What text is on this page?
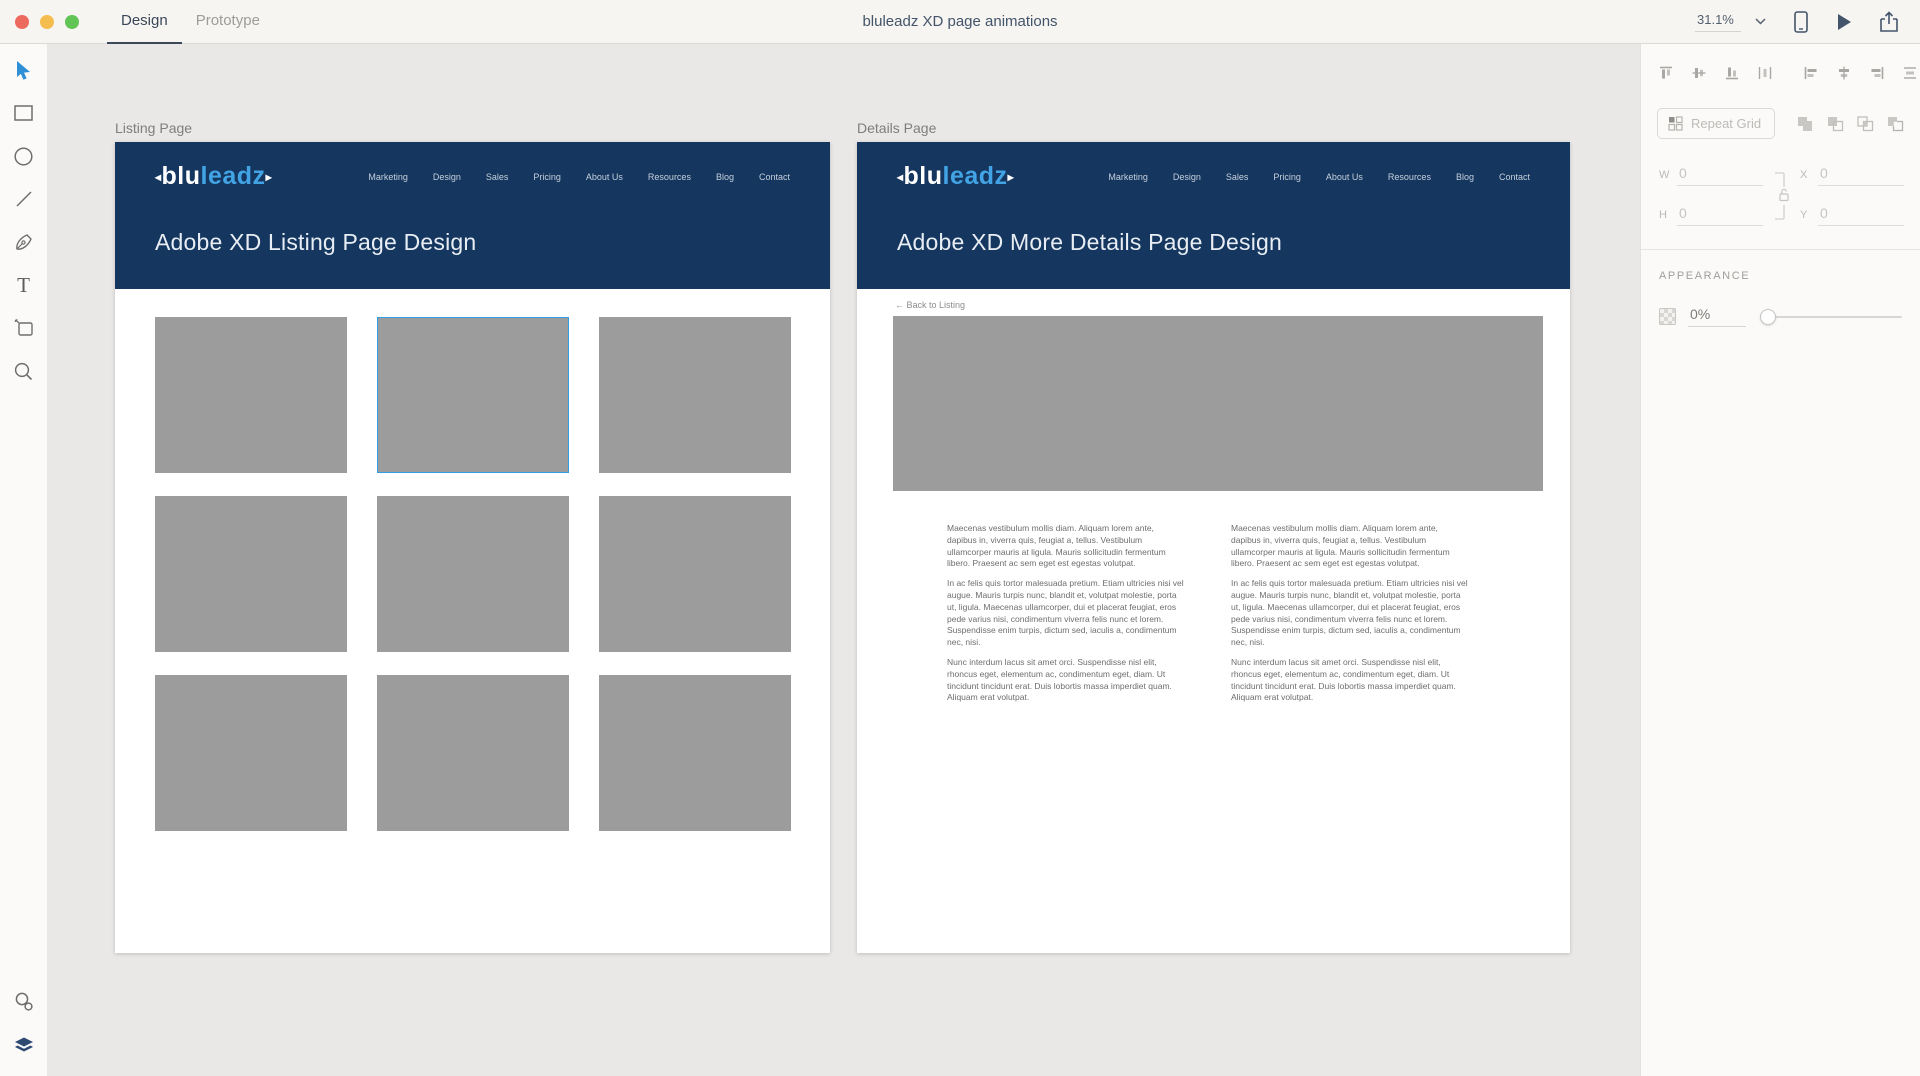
Design	Prototype	bluleadz XD page animations	31.1%
T
Listing Page
◂bluleadz▸	Marketing	Design	Sales	Pricing	About Us	Resources	Blog	Contact
Adobe XD Listing Page Design
Details Page
◂bluleadz▸	Marketing	Design	Sales	Pricing	About Us	Resources	Blog	Contact
Adobe XD More Details Page Design
← Back to Listing

Maecenas vestibulum mollis diam. Aliquam lorem ante, dapibus in, viverra quis, feugiat a, tellus. Vestibulum ullamcorper mauris at ligula. Mauris sollicitudin fermentum libero. Praesent ac sem eget est egestas volutpat.

In ac felis quis tortor malesuada pretium. Etiam ultricies nisi vel augue. Mauris turpis nunc, blandit et, volutpat molestie, porta ut, ligula. Maecenas ullamcorper, dui et placerat feugiat, eros pede varius nisi, condimentum viverra felis nunc et lorem. Suspendisse enim turpis, dictum sed, iaculis a, condimentum nec, nisi.

Nunc interdum lacus sit amet orci. Suspendisse nisl elit, rhoncus eget, elementum ac, condimentum eget, diam. Ut tincidunt tincidunt erat. Duis lobortis massa imperdiet quam. Aliquam erat volutpat.

Maecenas vestibulum mollis diam. Aliquam lorem ante, dapibus in, viverra quis, feugiat a, tellus. Vestibulum ullamcorper mauris at ligula. Mauris sollicitudin fermentum libero. Praesent ac sem eget est egestas volutpat.

In ac felis quis tortor malesuada pretium. Etiam ultricies nisi vel augue. Mauris turpis nunc, blandit et, volutpat molestie, porta ut, ligula. Maecenas ullamcorper, dui et placerat feugiat, eros pede varius nisi, condimentum viverra felis nunc et lorem. Suspendisse enim turpis, dictum sed, iaculis a, condimentum nec, nisi.

Nunc interdum lacus sit amet orci. Suspendisse nisl elit, rhoncus eget, elementum ac, condimentum eget, diam. Ut tincidunt tincidunt erat. Duis lobortis massa imperdiet quam. Aliquam erat volutpat.

Repeat Grid
W 0
H 0
X 0
Y 0
APPEARANCE
0%
